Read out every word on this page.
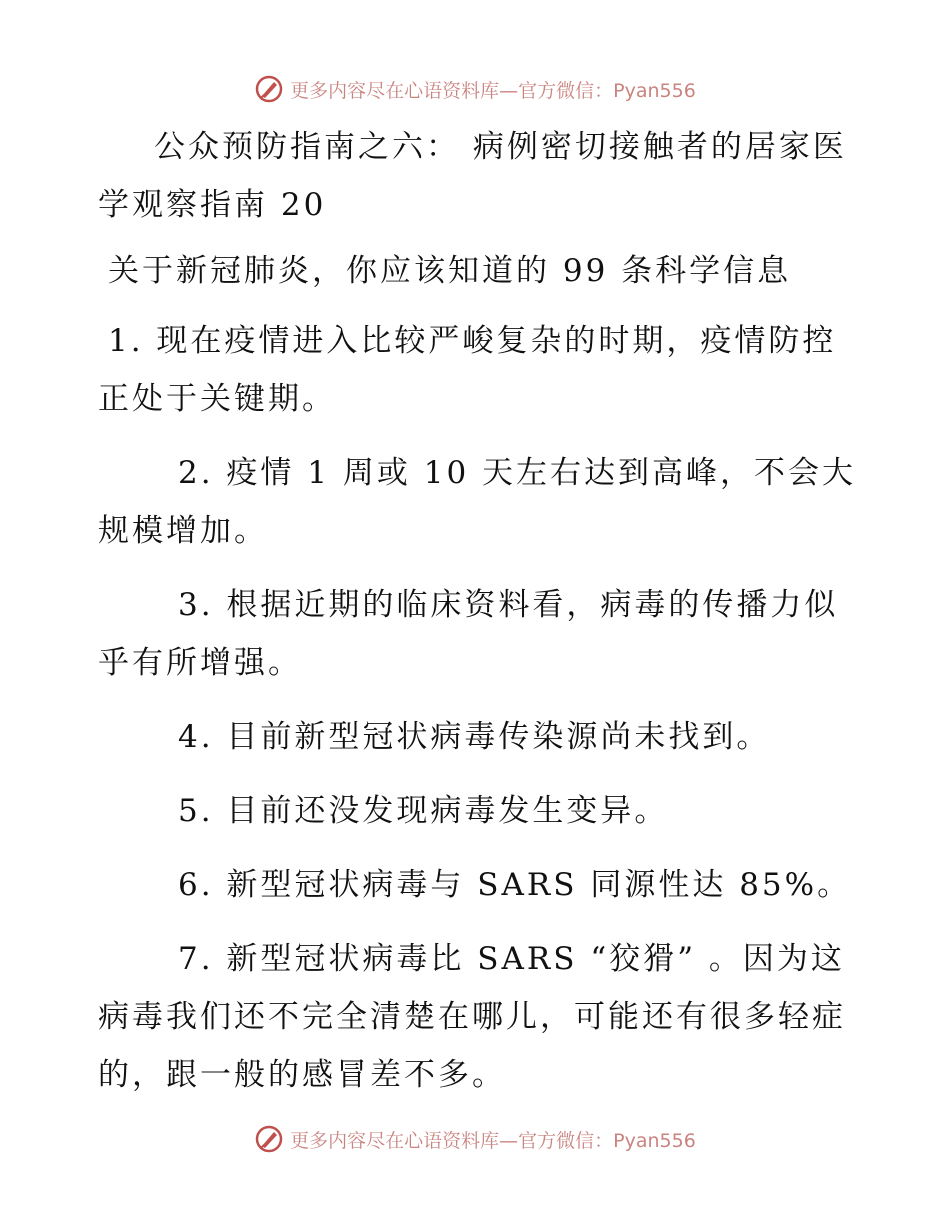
更多内容尽在心语资料库—官方微信：Pyan556

公众预防指南之六： 病例密切接触者的居家医学观察指南 20

关于新冠肺炎，你应该知道的 99 条科学信息

1. 现在疫情进入比较严峻复杂的时期，疫情防控正处于关键期。

2. 疫情 1 周或 10 天左右达到高峰，不会大规模增加。

3. 根据近期的临床资料看，病毒的传播力似乎有所增强。

4. 目前新型冠状病毒传染源尚未找到。

5. 目前还没发现病毒发生变异。

6. 新型冠状病毒与 SARS 同源性达 85%。

7. 新型冠状病毒比 SARS “狡猾” 。因为这病毒我们还不完全清楚在哪儿，可能还有很多轻症的，跟一般的感冒差不多。

更多内容尽在心语资料库—官方微信：Pyan556
